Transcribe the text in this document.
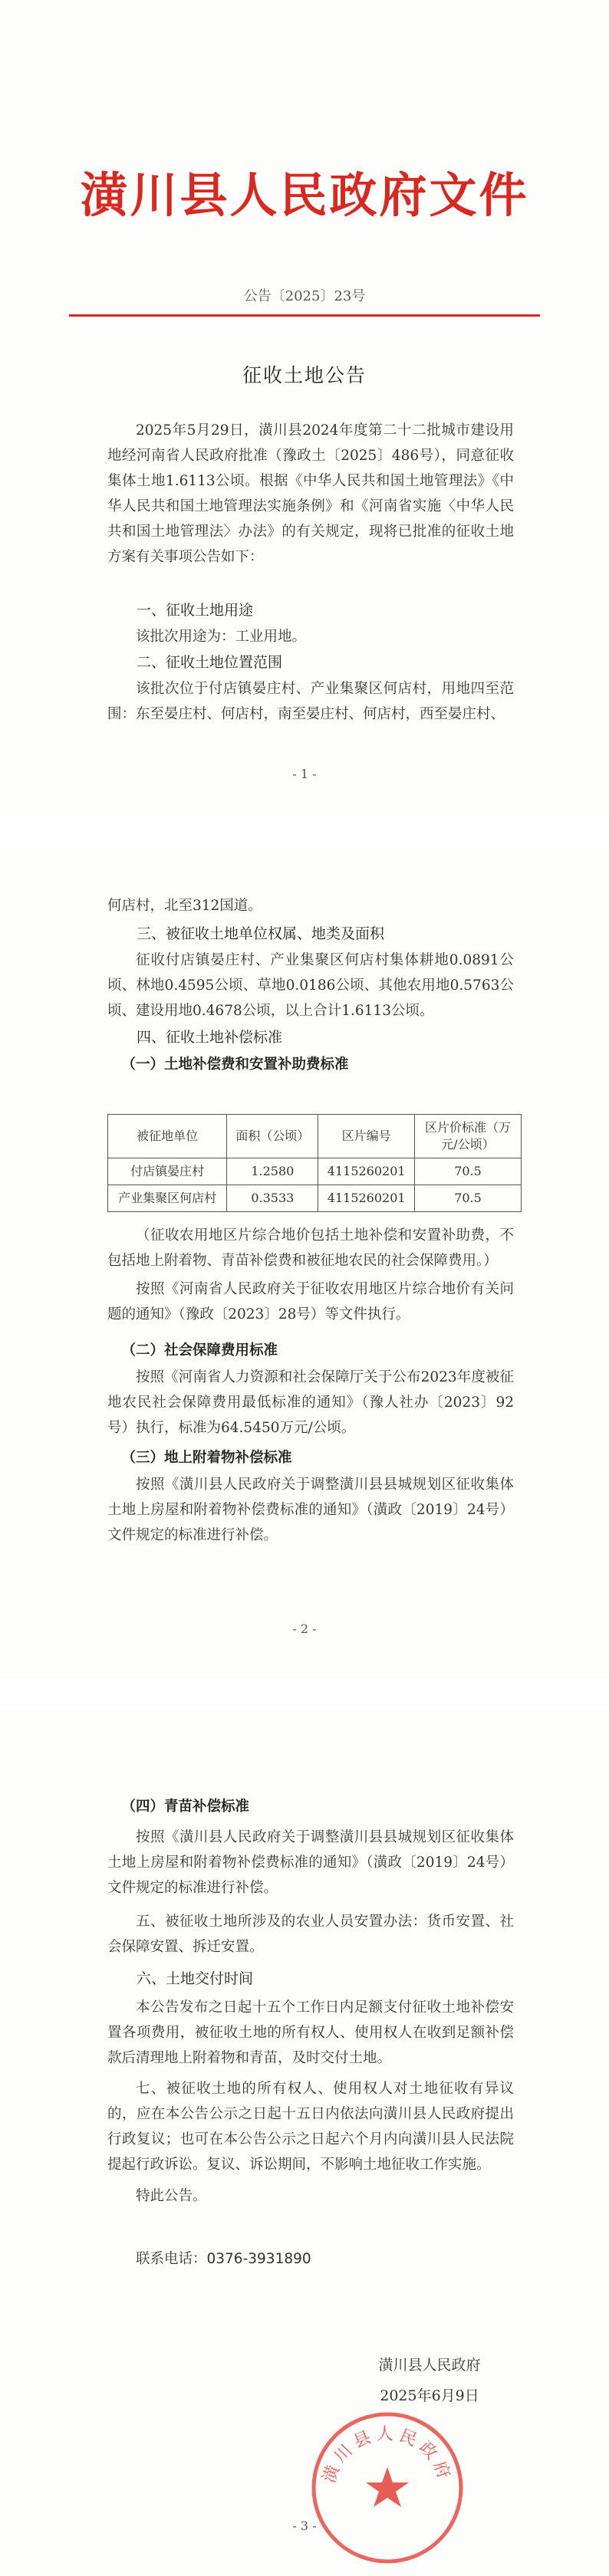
潢川县人民政府文件
公告〔2025〕23号
征收土地公告
2025年5月29日，潢川县2024年度第二十二批城市建设用地经河南省人民政府批准（豫政土〔2025〕486号），同意征收集体土地1.6113公顷。根据《中华人民共和国土地管理法》《中华人民共和国土地管理法实施条例》和《河南省实施〈中华人民共和国土地管理法〉办法》的有关规定，现将已批准的征收土地方案有关事项公告如下：
一、征收土地用途
该批次用途为：工业用地。
二、征收土地位置范围
该批次位于付店镇晏庄村、产业集聚区何店村，用地四至范围：东至晏庄村、何店村，南至晏庄村、何店村，西至晏庄村、
- 1 -
何店村，北至312国道。
三、被征收土地单位权属、地类及面积
征收付店镇晏庄村、产业集聚区何店村集体耕地0.0891公顷、林地0.4595公顷、草地0.0186公顷、其他农用地0.5763公顷、建设用地0.4678公顷，以上合计1.6113公顷。
四、征收土地补偿标准
（一）土地补偿费和安置补助费标准
（征收农用地区片综合地价包括土地补偿和安置补助费，不包括地上附着物、青苗补偿费和被征地农民的社会保障费用。）
按照《河南省人民政府关于征收农用地区片综合地价有关问题的通知》（豫政〔2023〕28号）等文件执行。
（二）社会保障费用标准
按照《河南省人力资源和社会保障厅关于公布2023年度被征地农民社会保障费用最低标准的通知》（豫人社办〔2023〕92号）执行，标准为64.5450万元/公顷。
（三）地上附着物补偿标准
按照《潢川县人民政府关于调整潢川县县城规划区征收集体土地上房屋和附着物补偿费标准的通知》（潢政〔2019〕24号）文件规定的标准进行补偿。
- 2 -
被征地单位	面积（公顷）	区片编号	区片价标准（万元/公顷）
付店镇晏庄村	1.2580	4115260201	70.5
产业集聚区何店村	0.3533	4115260201	70.5
（四）青苗补偿标准
按照《潢川县人民政府关于调整潢川县县城规划区征收集体土地上房屋和附着物补偿费标准的通知》（潢政〔2019〕24号）文件规定的标准进行补偿。
五、被征收土地所涉及的农业人员安置办法：货币安置、社会保障安置、拆迁安置。
六、土地交付时间
本公告发布之日起十五个工作日内足额支付征收土地补偿安置各项费用，被征收土地的所有权人、使用权人在收到足额补偿款后清理地上附着物和青苗，及时交付土地。
七、被征收土地的所有权人、使用权人对土地征收有异议的，应在本公告公示之日起十五日内依法向潢川县人民政府提出行政复议；也可在本公告公示之日起六个月内向潢川县人民法院提起行政诉讼。复议、诉讼期间，不影响土地征收工作实施。
特此公告。
联系电话：0376-3931890
潢川县人民政府
2025年6月9日
- 3 -
潢川县人民政府
